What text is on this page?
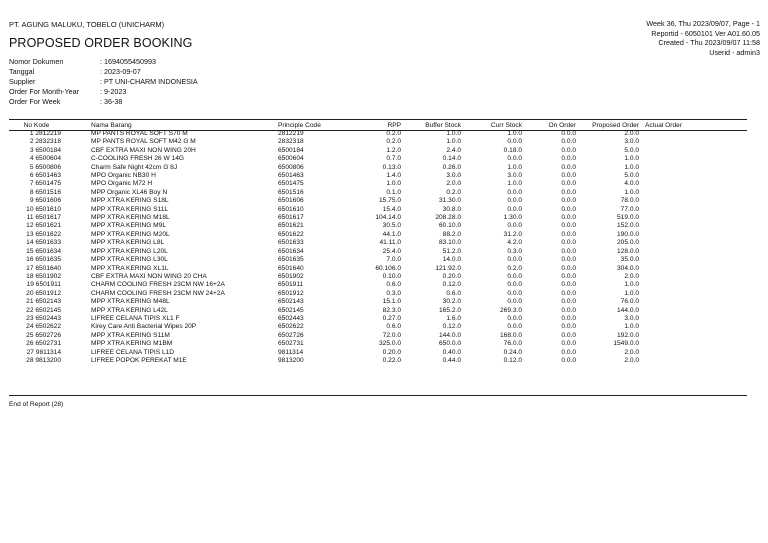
PT. AGUNG MALUKU, TOBELO (UNICHARM)
PROPOSED ORDER BOOKING
Week 36, Thu 2023/09/07, Page - 1
Reportid - 6050101 Ver A01.60.05
Created - Thu 2023/09/07 11:58
Userid - admin3
Nomor Dokumen	: 1694055450993
Tanggal	: 2023-09-07
Supplier	: PT UNI-CHARM INDONESIA
Order For Month-Year	: 9-2023
Order For Week	: 36-38
No Kode	Nama Barang	Principle Code	RPP	Buffer Stock	Curr Stock	On Order	Proposed Order	Actual Order
1 2812219	MP PANTS ROYAL SOFT S70 M	2812219	0.2.0	1.0.0	1.0.0	0.0.0	2.0.0	
2 2832318	MP PANTS ROYAL SOFT M42 G M	2832318	0.2.0	1.0.0	0.0.0	0.0.0	3.0.0	
3 6500184	CBF EXTRA MAXI NON WING 20H	6500184	1.2.0	2.4.0	0.18.0	0.0.0	5.0.0	
4 6500604	C-COOLING FRESH 26 W 14G	6500604	0.7.0	0.14.0	0.0.0	0.0.0	1.0.0	
5 6500806	Charm Safe Night 42cm G 8J	6500806	0.13.0	0.26.0	1.0.0	0.0.0	1.0.0	
6 6501463	MPO Organic NB30 H	6501463	1.4.0	3.0.0	3.0.0	0.0.0	5.0.0	
7 6501475	MPO Organic M72 H	6501475	1.0.0	2.0.0	1.0.0	0.0.0	4.0.0	
8 6501516	MPP Organic XL46 Boy N	6501516	0.1.0	0.2.0	0.0.0	0.0.0	1.0.0	
9 6501606	MPP XTRA KERING S18L	6501606	15.75.0	31.30.0	0.0.0	0.0.0	78.0.0	
10 6501610	MPP XTRA KERING S11L	6501610	15.4.0	30.8.0	0.0.0	0.0.0	77.0.0	
11 6501617	MPP XTRA KERING M18L	6501617	104.14.0	208.28.0	1.30.0	0.0.0	519.0.0	
12 6501621	MPP XTRA KERING M9L	6501621	30.5.0	60.10.0	0.0.0	0.0.0	152.0.0	
13 6501622	MPP XTRA KERING M20L	6501622	44.1.0	88.2.0	31.2.0	0.0.0	190.0.0	
14 6501633	MPP XTRA KERING L8L	6501633	41.11.0	83.10.0	4.2.0	0.0.0	205.0.0	
15 6501634	MPP XTRA KERING L20L	6501634	25.4.0	51.2.0	0.3.0	0.0.0	128.0.0	
16 6501635	MPP XTRA KERING L30L	6501635	7.0.0	14.0.0	0.0.0	0.0.0	35.0.0	
17 6501640	MPP XTRA KERING XL1L	6501640	60.106.0	121.92.0	0.2.0	0.0.0	304.0.0	
18 6501902	CBF EXTRA MAXI NON WING 20 CHA	6501902	0.10.0	0.20.0	0.0.0	0.0.0	2.0.0	
19 6501911	CHARM COOLING FRESH 23CM NW 16+2A	6501911	0.6.0	0.12.0	0.0.0	0.0.0	1.0.0	
20 6501912	CHARM COOLING FRESH 23CM NW 24+2A	6501912	0.3.0	0.6.0	0.0.0	0.0.0	1.0.0	
21 6502143	MPP XTRA KERING M48L	6502143	15.1.0	30.2.0	0.0.0	0.0.0	76.0.0	
22 6502145	MPP XTRA KERING L42L	6502145	82.3.0	165.2.0	269.3.0	0.0.0	144.0.0	
23 6502443	LIFREE CELANA TIPIS XL1 F	6502443	0.27.0	1.6.0	0.0.0	0.0.0	3.0.0	
24 6502622	Kirey Care Anti Bacterial Wipes 20P	6502622	0.6.0	0.12.0	0.0.0	0.0.0	1.0.0	
25 6502726	MPP XTRA KERING S11M	6502726	72.0.0	144.0.0	168.0.0	0.0.0	192.0.0	
26 6502731	MPP XTRA KERING M1BM	6502731	325.0.0	650.0.0	76.0.0	0.0.0	1549.0.0	
27 9811314	LIFREE CELANA TIPIS L1D	9811314	0.20.0	0.40.0	0.24.0	0.0.0	2.0.0	
28 9813200	LIFREE POPOK PEREKAT M1E	9813200	0.22.0	0.44.0	0.12.0	0.0.0	2.0.0	
End of Report (28)
